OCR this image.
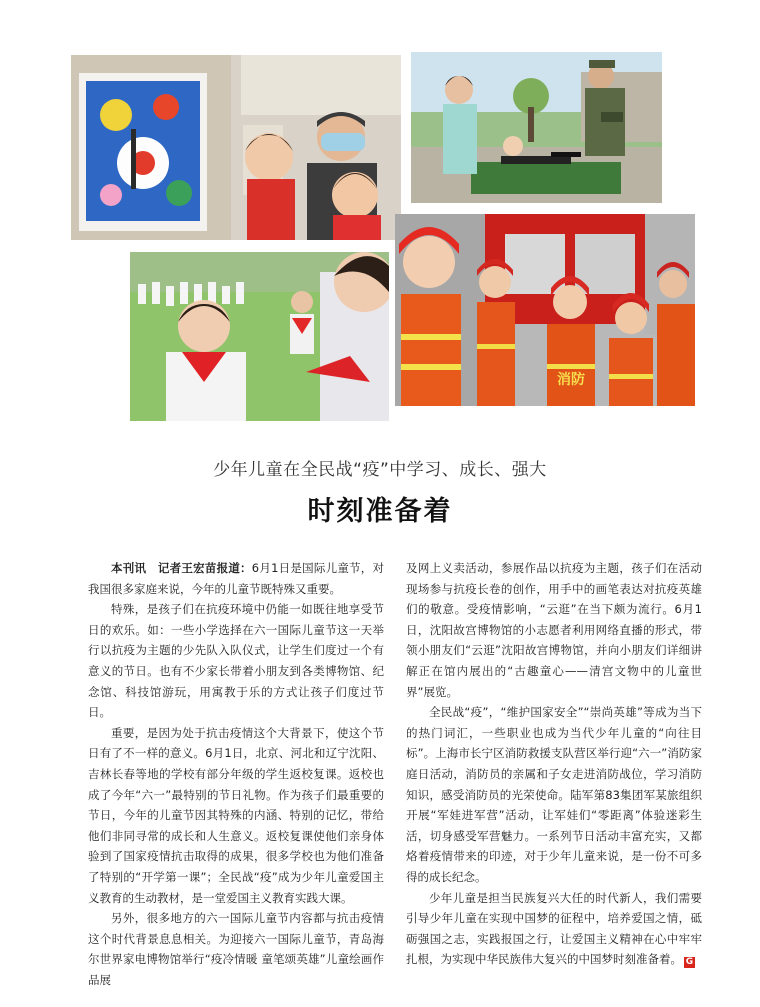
消防
少年儿童在全民战“疫”中学习、成长、强大
时刻准备着

本刊讯 记者王宏苗报道：6月1日是国际儿童节，对我国很多家庭来说，今年的儿童节既特殊又重要。

特殊，是孩子们在抗疫环境中仍能一如既往地享受节日的欢乐。如：一些小学选择在六一国际儿童节这一天举行以抗疫为主题的少先队入队仪式，让学生们度过一个有意义的节日。也有不少家长带着小朋友到各类博物馆、纪念馆、科技馆游玩，用寓教于乐的方式让孩子们度过节日。

重要，是因为处于抗击疫情这个大背景下，使这个节日有了不一样的意义。6月1日，北京、河北和辽宁沈阳、吉林长春等地的学校有部分年级的学生返校复课。返校也成了今年“六一”最特别的节日礼物。作为孩子们最重要的节日，今年的儿童节因其特殊的内涵、特别的记忆，带给他们非同寻常的成长和人生意义。返校复课使他们亲身体验到了国家疫情抗击取得的成果，很多学校也为他们准备了特别的“开学第一课”；全民战“疫”成为少年儿童爱国主义教育的生动教材，是一堂爱国主义教育实践大课。

另外，很多地方的六一国际儿童节内容都与抗击疫情这个时代背景息息相关。为迎接六一国际儿童节，青岛海尔世界家电博物馆举行“疫冷情暖 童笔颂英雄”儿童绘画作品展

及网上义卖活动，参展作品以抗疫为主题，孩子们在活动现场参与抗疫长卷的创作，用手中的画笔表达对抗疫英雄们的敬意。受疫情影响，“云逛”在当下颇为流行。6月1日，沈阳故宫博物馆的小志愿者利用网络直播的形式，带领小朋友们“云逛”沈阳故宫博物馆，并向小朋友们详细讲解正在馆内展出的“古趣童心——清宫文物中的儿童世界”展览。

全民战“疫”，“维护国家安全”“崇尚英雄”等成为当下的热门词汇，一些职业也成为当代少年儿童的“向往目标”。上海市长宁区消防救援支队营区举行迎“六一”消防家庭日活动，消防员的亲属和子女走进消防战位，学习消防知识，感受消防员的光荣使命。陆军第83集团军某旅组织开展“军娃进军营”活动，让军娃们“零距离”体验迷彩生活，切身感受军营魅力。一系列节日活动丰富充实，又都烙着疫情带来的印迹，对于少年儿童来说，是一份不可多得的成长纪念。

少年儿童是担当民族复兴大任的时代新人，我们需要引导少年儿童在实现中国梦的征程中，培养爱国之情，砥砺强国之志，实践报国之行，让爱国主义精神在心中牢牢扎根，为实现中华民族伟大复兴的中国梦时刻准备着。 G
